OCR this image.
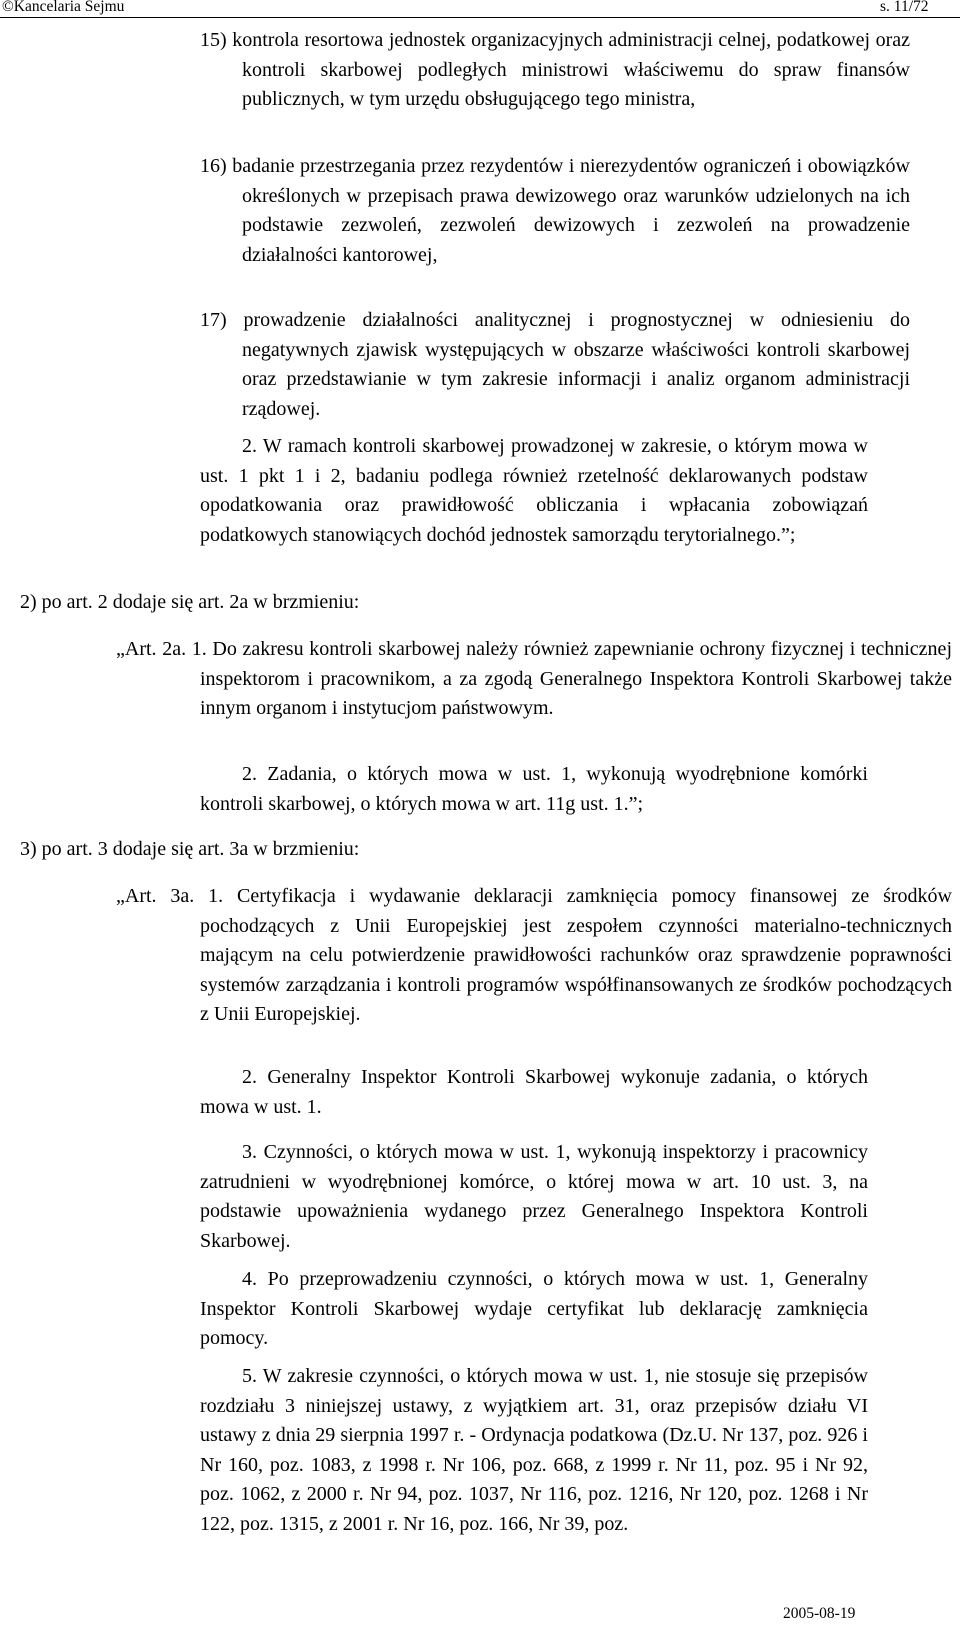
©Kancelaria Sejmu	s. 11/72

15) kontrola resortowa jednostek organizacyjnych administracji celnej, podatkowej oraz kontroli skarbowej podległych ministrowi właściwemu do spraw finansów publicznych, w tym urzędu obsługującego tego ministra,

16) badanie przestrzegania przez rezydentów i nierezydentów ograniczeń i obowiązków określonych w przepisach prawa dewizowego oraz warunków udzielonych na ich podstawie zezwoleń, zezwoleń dewizowych i zezwoleń na prowadzenie działalności kantorowej,

17) prowadzenie działalności analitycznej i prognostycznej w odniesieniu do negatywnych zjawisk występujących w obszarze właściwości kontroli skarbowej oraz przedstawianie w tym zakresie informacji i analiz organom administracji rządowej.

2. W ramach kontroli skarbowej prowadzonej w zakresie, o którym mowa w ust. 1 pkt 1 i 2, badaniu podlega również rzetelność deklarowanych podstaw opodatkowania oraz prawidłowość obliczania i wpłacania zobowiązań podatkowych stanowiących dochód jednostek samorządu terytorialnego.”;

2) po art. 2 dodaje się art. 2a w brzmieniu:

„Art. 2a. 1. Do zakresu kontroli skarbowej należy również zapewnianie ochrony fizycznej i technicznej inspektorom i pracownikom, a za zgodą Generalnego Inspektora Kontroli Skarbowej także innym organom i instytucjom państwowym.

2. Zadania, o których mowa w ust. 1, wykonują wyodrębnione komórki kontroli skarbowej, o których mowa w art. 11g ust. 1.”;

3) po art. 3 dodaje się art. 3a w brzmieniu:

„Art. 3a. 1. Certyfikacja i wydawanie deklaracji zamknięcia pomocy finansowej ze środków pochodzących z Unii Europejskiej jest zespołem czynności materialno-technicznych mającym na celu potwierdzenie prawidłowości rachunków oraz sprawdzenie poprawności systemów zarządzania i kontroli programów współfinansowanych ze środków pochodzących z Unii Europejskiej.

2. Generalny Inspektor Kontroli Skarbowej wykonuje zadania, o których mowa w ust. 1.

3. Czynności, o których mowa w ust. 1, wykonują inspektorzy i pracownicy zatrudnieni w wyodrębnionej komórce, o której mowa w art. 10 ust. 3, na podstawie upoważnienia wydanego przez Generalnego Inspektora Kontroli Skarbowej.

4. Po przeprowadzeniu czynności, o których mowa w ust. 1, Generalny Inspektor Kontroli Skarbowej wydaje certyfikat lub deklarację zamknięcia pomocy.

5. W zakresie czynności, o których mowa w ust. 1, nie stosuje się przepisów rozdziału 3 niniejszej ustawy, z wyjątkiem art. 31, oraz przepisów działu VI ustawy z dnia 29 sierpnia 1997 r. - Ordynacja podatkowa (Dz.U. Nr 137, poz. 926 i Nr 160, poz. 1083, z 1998 r. Nr 106, poz. 668, z 1999 r. Nr 11, poz. 95 i Nr 92, poz. 1062, z 2000 r. Nr 94, poz. 1037, Nr 116, poz. 1216, Nr 120, poz. 1268 i Nr 122, poz. 1315, z 2001 r. Nr 16, poz. 166, Nr 39, poz.

2005-08-19
